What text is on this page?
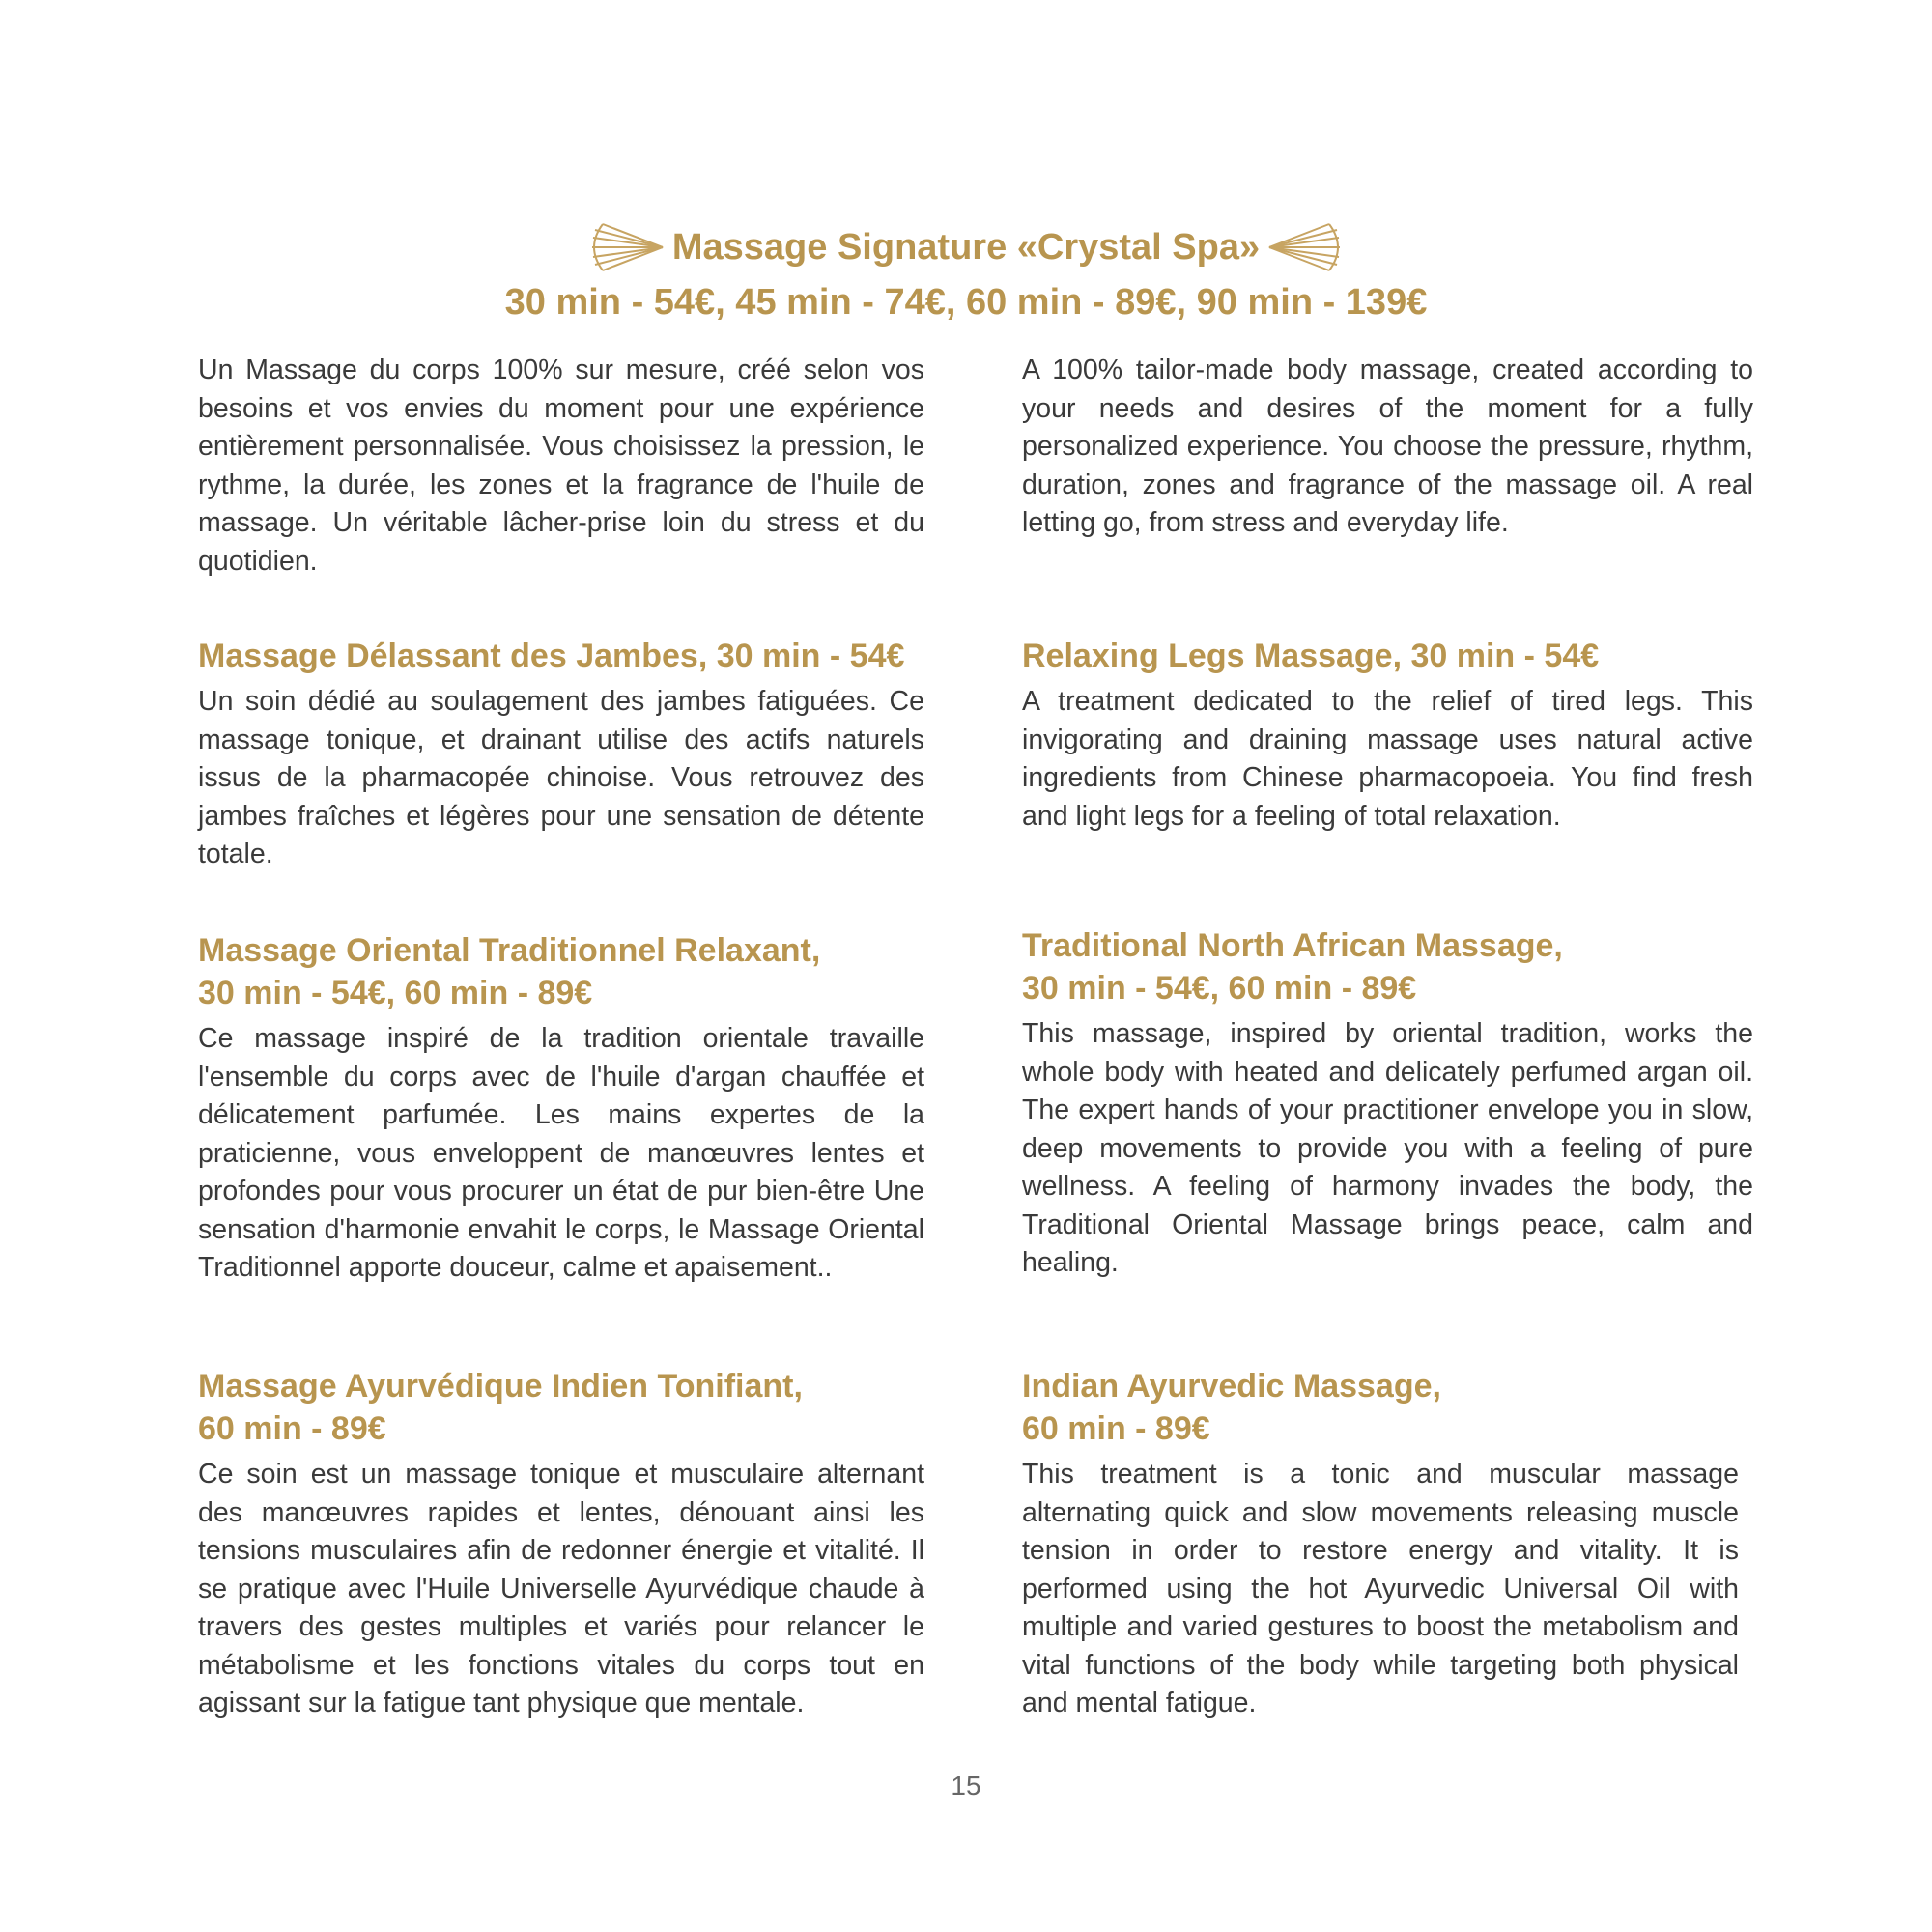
Massage Signature «Crystal Spa»
30 min - 54€, 45 min - 74€, 60 min - 89€, 90 min - 139€

Un Massage du corps 100% sur mesure, créé selon vos besoins et vos envies du moment pour une expérience entièrement personnalisée. Vous choisissez la pression, le rythme, la durée, les zones et la fragrance de l'huile de massage. Un véritable lâcher-prise loin du stress et du quotidien.

A 100% tailor-made body massage, created according to your needs and desires of the moment for a fully personalized experience. You choose the pressure, rhythm, duration, zones and fragrance of the massage oil. A real letting go, from stress and everyday life.

Massage Délassant des Jambes, 30 min - 54€

Un soin dédié au soulagement des jambes fatiguées. Ce massage tonique, et drainant utilise des actifs naturels issus de la pharmacopée chinoise. Vous retrouvez des jambes fraîches et légères pour une sensation de détente totale.

Relaxing Legs Massage, 30 min - 54€

A treatment dedicated to the relief of tired legs. This invigorating and draining massage uses natural active ingredients from Chinese pharmacopoeia. You find fresh and light legs for a feeling of total relaxation.

Massage Oriental Traditionnel Relaxant,
30 min - 54€, 60 min - 89€

Ce massage inspiré de la tradition orientale travaille l'ensemble du corps avec de l'huile d'argan chauffée et délicatement parfumée. Les mains expertes de la praticienne, vous enveloppent de manœuvres lentes et profondes pour vous procurer un état de pur bien-être Une sensation d'harmonie envahit le corps, le Massage Oriental Traditionnel apporte douceur, calme et apaisement..

Traditional North African Massage,
30 min - 54€, 60 min - 89€

This massage, inspired by oriental tradition, works the whole body with heated and delicately perfumed argan oil. The expert hands of your practitioner envelope you in slow, deep movements to provide you with a feeling of pure wellness. A feeling of harmony invades the body, the Traditional Oriental Massage brings peace, calm and healing.

Massage Ayurvédique Indien Tonifiant,
60 min - 89€

Ce soin est un massage tonique et musculaire alternant des manœuvres rapides et lentes, dénouant ainsi les tensions musculaires afin de redonner énergie et vitalité. Il se pratique avec l'Huile Universelle Ayurvédique chaude à travers des gestes multiples et variés pour relancer le métabolisme et les fonctions vitales du corps tout en agissant sur la fatigue tant physique que mentale.

Indian Ayurvedic Massage,
60 min - 89€

This treatment is a tonic and muscular massage alternating quick and slow movements releasing muscle tension in order to restore energy and vitality. It is performed using the hot Ayurvedic Universal Oil with multiple and varied gestures to boost the metabolism and vital functions of the body while targeting both physical and mental fatigue.

15
